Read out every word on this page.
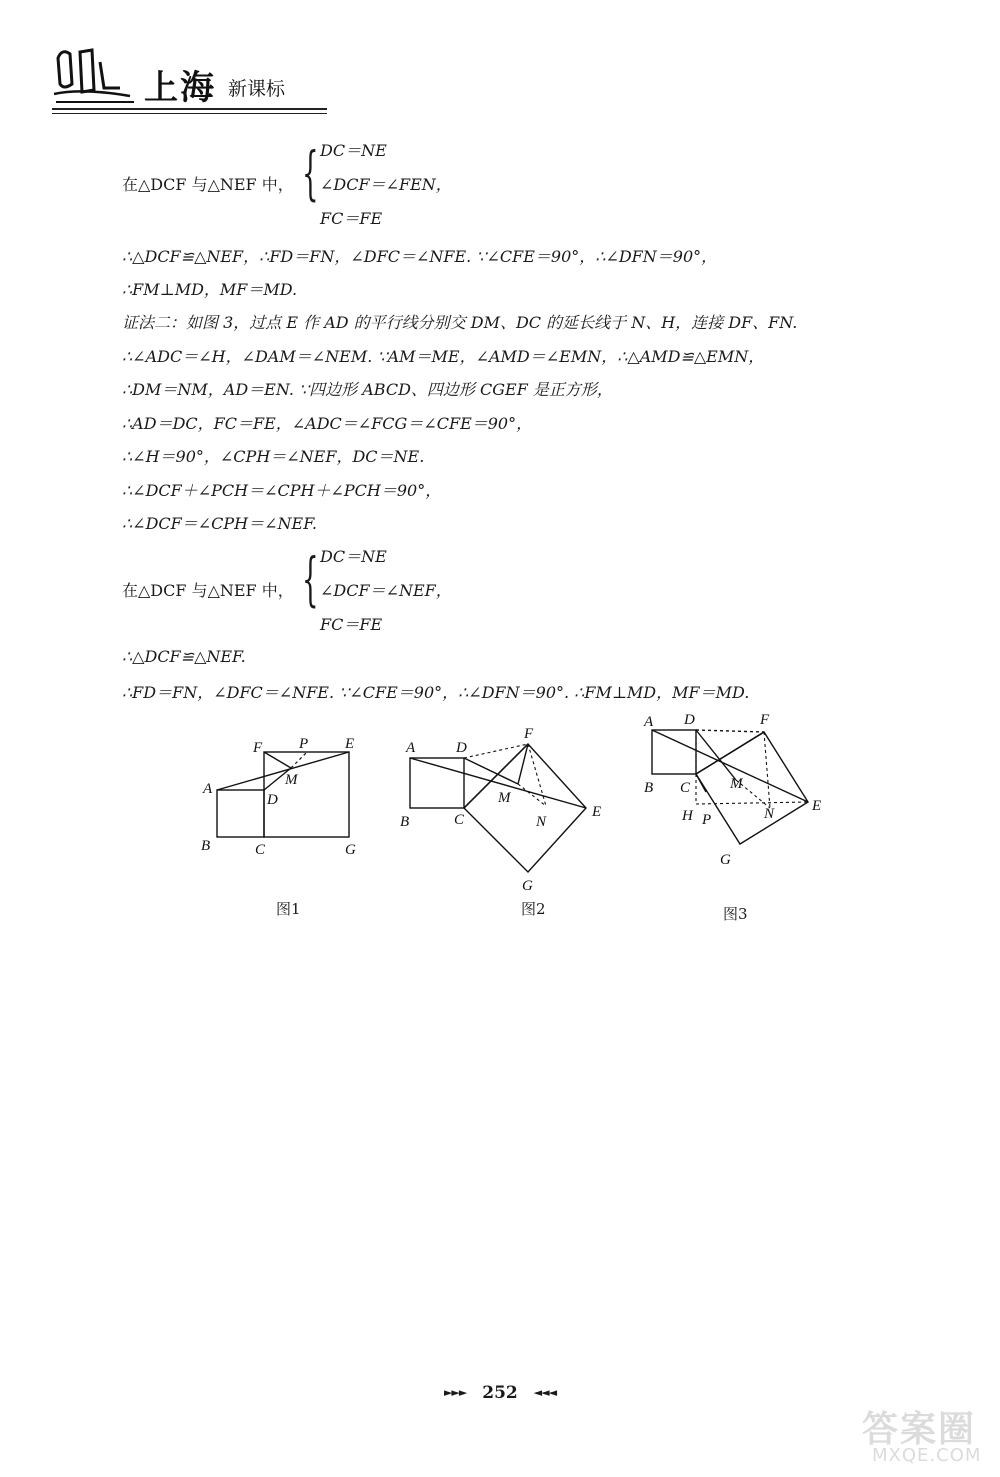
上海 新课标
在△DCF 与△NEF 中， { DC＝NE
∠DCF＝∠FEN，
FC＝FE
∴△DCF≌△NEF，∴FD＝FN，∠DFC＝∠NFE. ∵∠CFE＝90°，∴∠DFN＝90°，
∴FM⊥MD，MF＝MD.
证法二：如图 3，过点 E 作 AD 的平行线分别交 DM、DC 的延长线于 N、H，连接 DF、FN.
∴∠ADC＝∠H，∠DAM＝∠NEM. ∵AM＝ME，∠AMD＝∠EMN，∴△AMD≌△EMN，
∴DM＝NM，AD＝EN. ∵四边形 ABCD、四边形 CGEF 是正方形，
∴AD＝DC，FC＝FE，∠ADC＝∠FCG＝∠CFE＝90°，
∴∠H＝90°，∠CPH＝∠NEF，DC＝NE.
∴∠DCF＋∠PCH＝∠CPH＋∠PCH＝90°，
∴∠DCF＝∠CPH＝∠NEF.
在△DCF 与△NEF 中， { DC＝NE
∠DCF＝∠NEF，
FC＝FE
∴△DCF≌△NEF.
∴FD＝FN，∠DFC＝∠NFE. ∵∠CFE＝90°，∴∠DFN＝90°. ∴FM⊥MD，MF＝MD.
A
B	C
D
E
F
G
M
P
图1
A
B	C
D
E
F
G
M
N
图2
A
B C
D
E
F
G
H
M
N
P
图3
►►► 252 ◄◄◄
答案圈
MXQE.COM
